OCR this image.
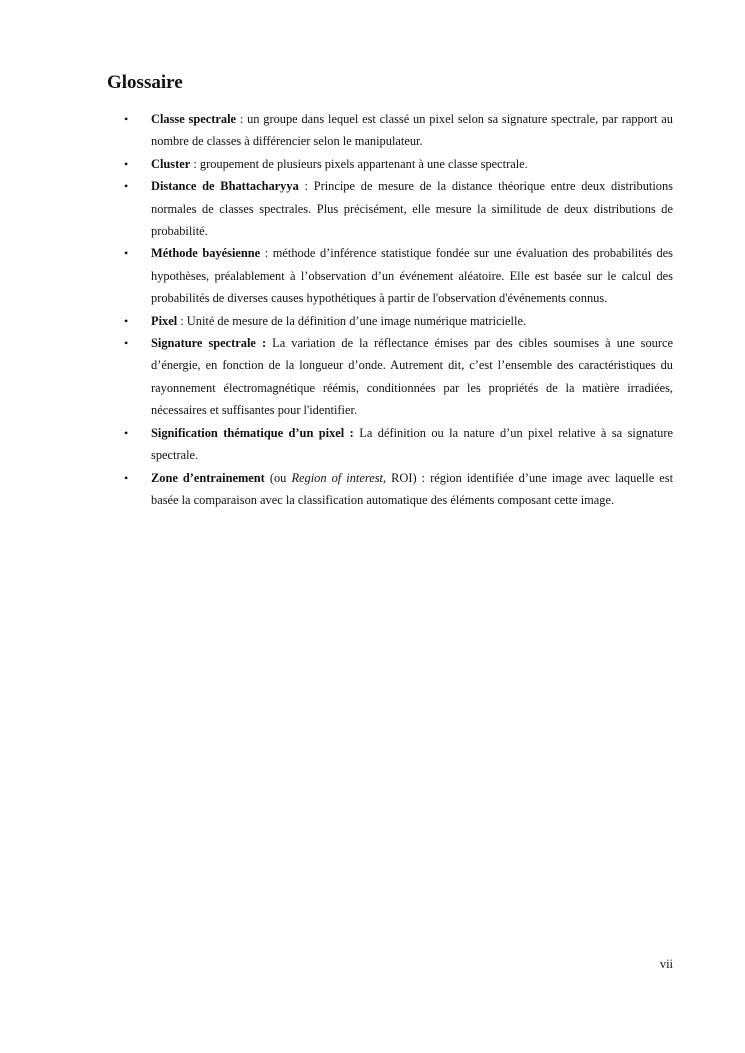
Glossaire
• Classe spectrale : un groupe dans lequel est classé un pixel selon sa signature spectrale, par rapport au nombre de classes à différencier selon le manipulateur.
• Cluster : groupement de plusieurs pixels appartenant à une classe spectrale.
• Distance de Bhattacharyya : Principe de mesure de la distance théorique entre deux distributions normales de classes spectrales. Plus précisément, elle mesure la similitude de deux distributions de probabilité.
• Méthode bayésienne : méthode d’inférence statistique fondée sur une évaluation des probabilités des hypothèses, préalablement à l’observation d’un événement aléatoire. Elle est basée sur le calcul des probabilités de diverses causes hypothétiques à partir de l'observation d'événements connus.
• Pixel : Unité de mesure de la définition d’une image numérique matricielle.
• Signature spectrale : La variation de la réflectance émises par des cibles soumises à une source d’énergie, en fonction de la longueur d’onde. Autrement dit, c’est l’ensemble des caractéristiques du rayonnement électromagnétique réémis, conditionnées par les propriétés de la matière irradiées, nécessaires et suffisantes pour l'identifier.
• Signification thématique d’un pixel : La définition ou la nature d’un pixel relative à sa signature spectrale.
• Zone d’entrainement (ou Region of interest, ROI) : région identifiée d’une image avec laquelle est basée la comparaison avec la classification automatique des éléments composant cette image.
vii
